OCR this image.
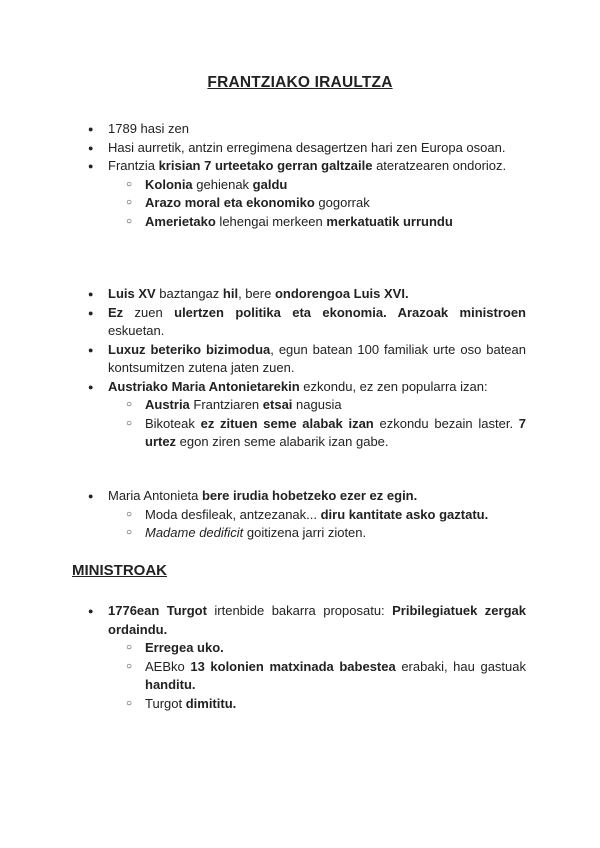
FRANTZIAKO IRAULTZA
● 1789 hasi zen
● Hasi aurretik, antzin erregimena desagertzen hari zen Europa osoan.
● Frantzia krisian 7 urteetako gerran galtzaile ateratzearen ondorioz.
○ Kolonia gehienak galdu
○ Arazo moral eta ekonomiko gogorrak
○ Amerietako lehengai merkeen merkatuatik urrundu
● Luis XV baztangaz hil, bere ondorengoa Luis XVI.
● Ez zuen ulertzen politika eta ekonomia. Arazoak ministroen eskuetan.
● Luxuz beteriko bizimodua, egun batean 100 familiak urte oso batean kontsumitzen zutena jaten zuen.
● Austriako Maria Antonietarekin ezkondu, ez zen popularra izan:
○ Austria Frantziaren etsai nagusia
○ Bikoteak ez zituen seme alabak izan ezkondu bezain laster. 7 urtez egon ziren seme alabarik izan gabe.
● Maria Antonieta bere irudia hobetzeko ezer ez egin.
○ Moda desfileak, antzezanak... diru kantitate asko gaztatu.
○ Madame dedificit goitizena jarri zioten.
MINISTROAK
● 1776ean Turgot irtenbide bakarra proposatu: Pribilegiatuek zergak ordaindu.
○ Erregea uko.
○ AEBko 13 kolonien matxinada babestea erabaki, hau gastuak handitu.
○ Turgot dimititu.
